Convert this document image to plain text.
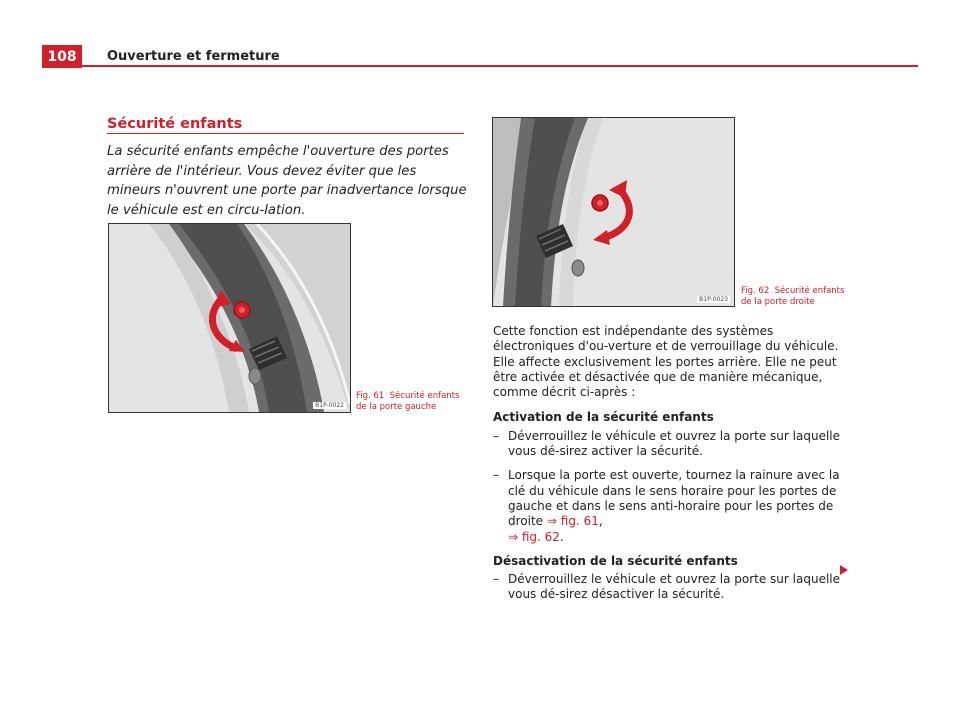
108	Ouverture et fermeture
Sécurité enfants
La sécurité enfants empêche l'ouverture des portes arrière de l'intérieur. Vous devez éviter que les mineurs n'ouvrent une porte par inadvertance lorsque le véhicule est en circu-lation.
B1P-0022
Fig. 61 Sécurité enfants
de la porte gauche
B1P-0023
Fig. 62 Sécurité enfants
de la porte droite

Cette fonction est indépendante des systèmes électroniques d'ou-verture et de verrouillage du véhicule. Elle affecte exclusivement les portes arrière. Elle ne peut être activée et désactivée que de manière mécanique, comme décrit ci-après :

Activation de la sécurité enfants

– Déverrouillez le véhicule et ouvrez la porte sur laquelle vous dé-sirez activer la sécurité.
– Lorsque la porte est ouverte, tournez la rainure avec la clé du véhicule dans le sens horaire pour les portes de gauche et dans le sens anti-horaire pour les portes de droite ⇒ fig. 61,
⇒ fig. 62.

Désactivation de la sécurité enfants

– Déverrouillez le véhicule et ouvrez la porte sur laquelle vous dé-sirez désactiver la sécurité.
